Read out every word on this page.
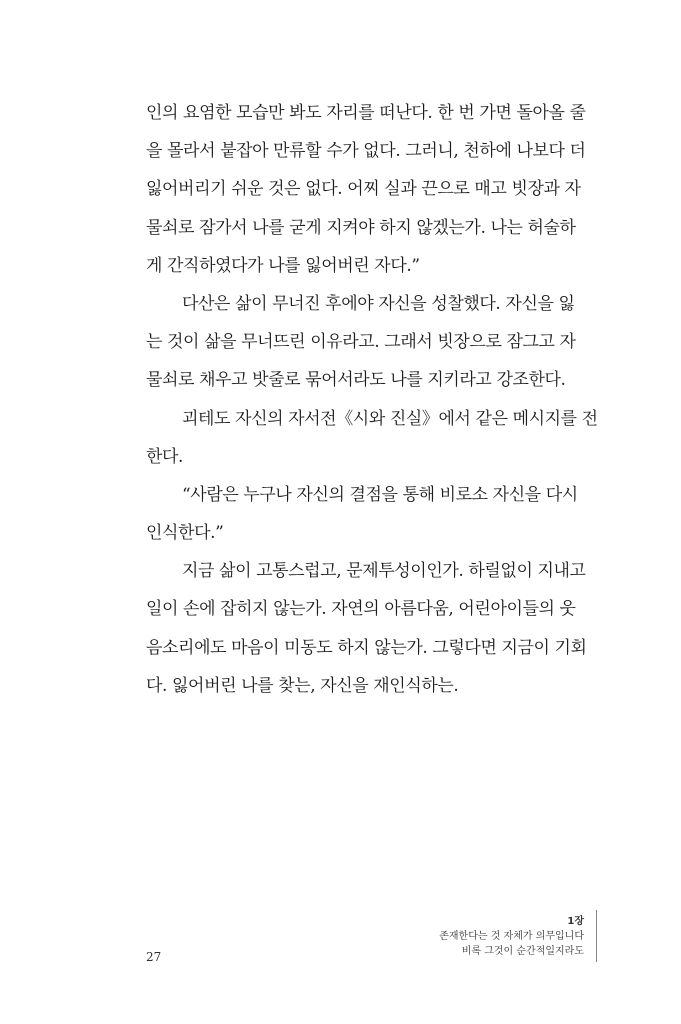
인의 요염한 모습만 봐도 자리를 떠난다. 한 번 가면 돌아올 줄
을 몰라서 붙잡아 만류할 수가 없다. 그러니, 천하에 나보다 더
잃어버리기 쉬운 것은 없다. 어찌 실과 끈으로 매고 빗장과 자
물쇠로 잠가서 나를 굳게 지켜야 하지 않겠는가. 나는 허술하
게 간직하였다가 나를 잃어버린 자다.”
다산은 삶이 무너진 후에야 자신을 성찰했다. 자신을 잃
는 것이 삶을 무너뜨린 이유라고. 그래서 빗장으로 잠그고 자
물쇠로 채우고 밧줄로 묶어서라도 나를 지키라고 강조한다.
괴테도 자신의 자서전《시와 진실》에서 같은 메시지를 전
한다.
“사람은 누구나 자신의 결점을 통해 비로소 자신을 다시
인식한다.”
지금 삶이 고통스럽고, 문제투성이인가. 하릴없이 지내고
일이 손에 잡히지 않는가. 자연의 아름다움, 어린아이들의 웃
음소리에도 마음이 미동도 하지 않는가. 그렇다면 지금이 기회
다. 잃어버린 나를 찾는, 자신을 재인식하는.
27
1장
존재한다는 것 자체가 의무입니다
비록 그것이 순간적일지라도
